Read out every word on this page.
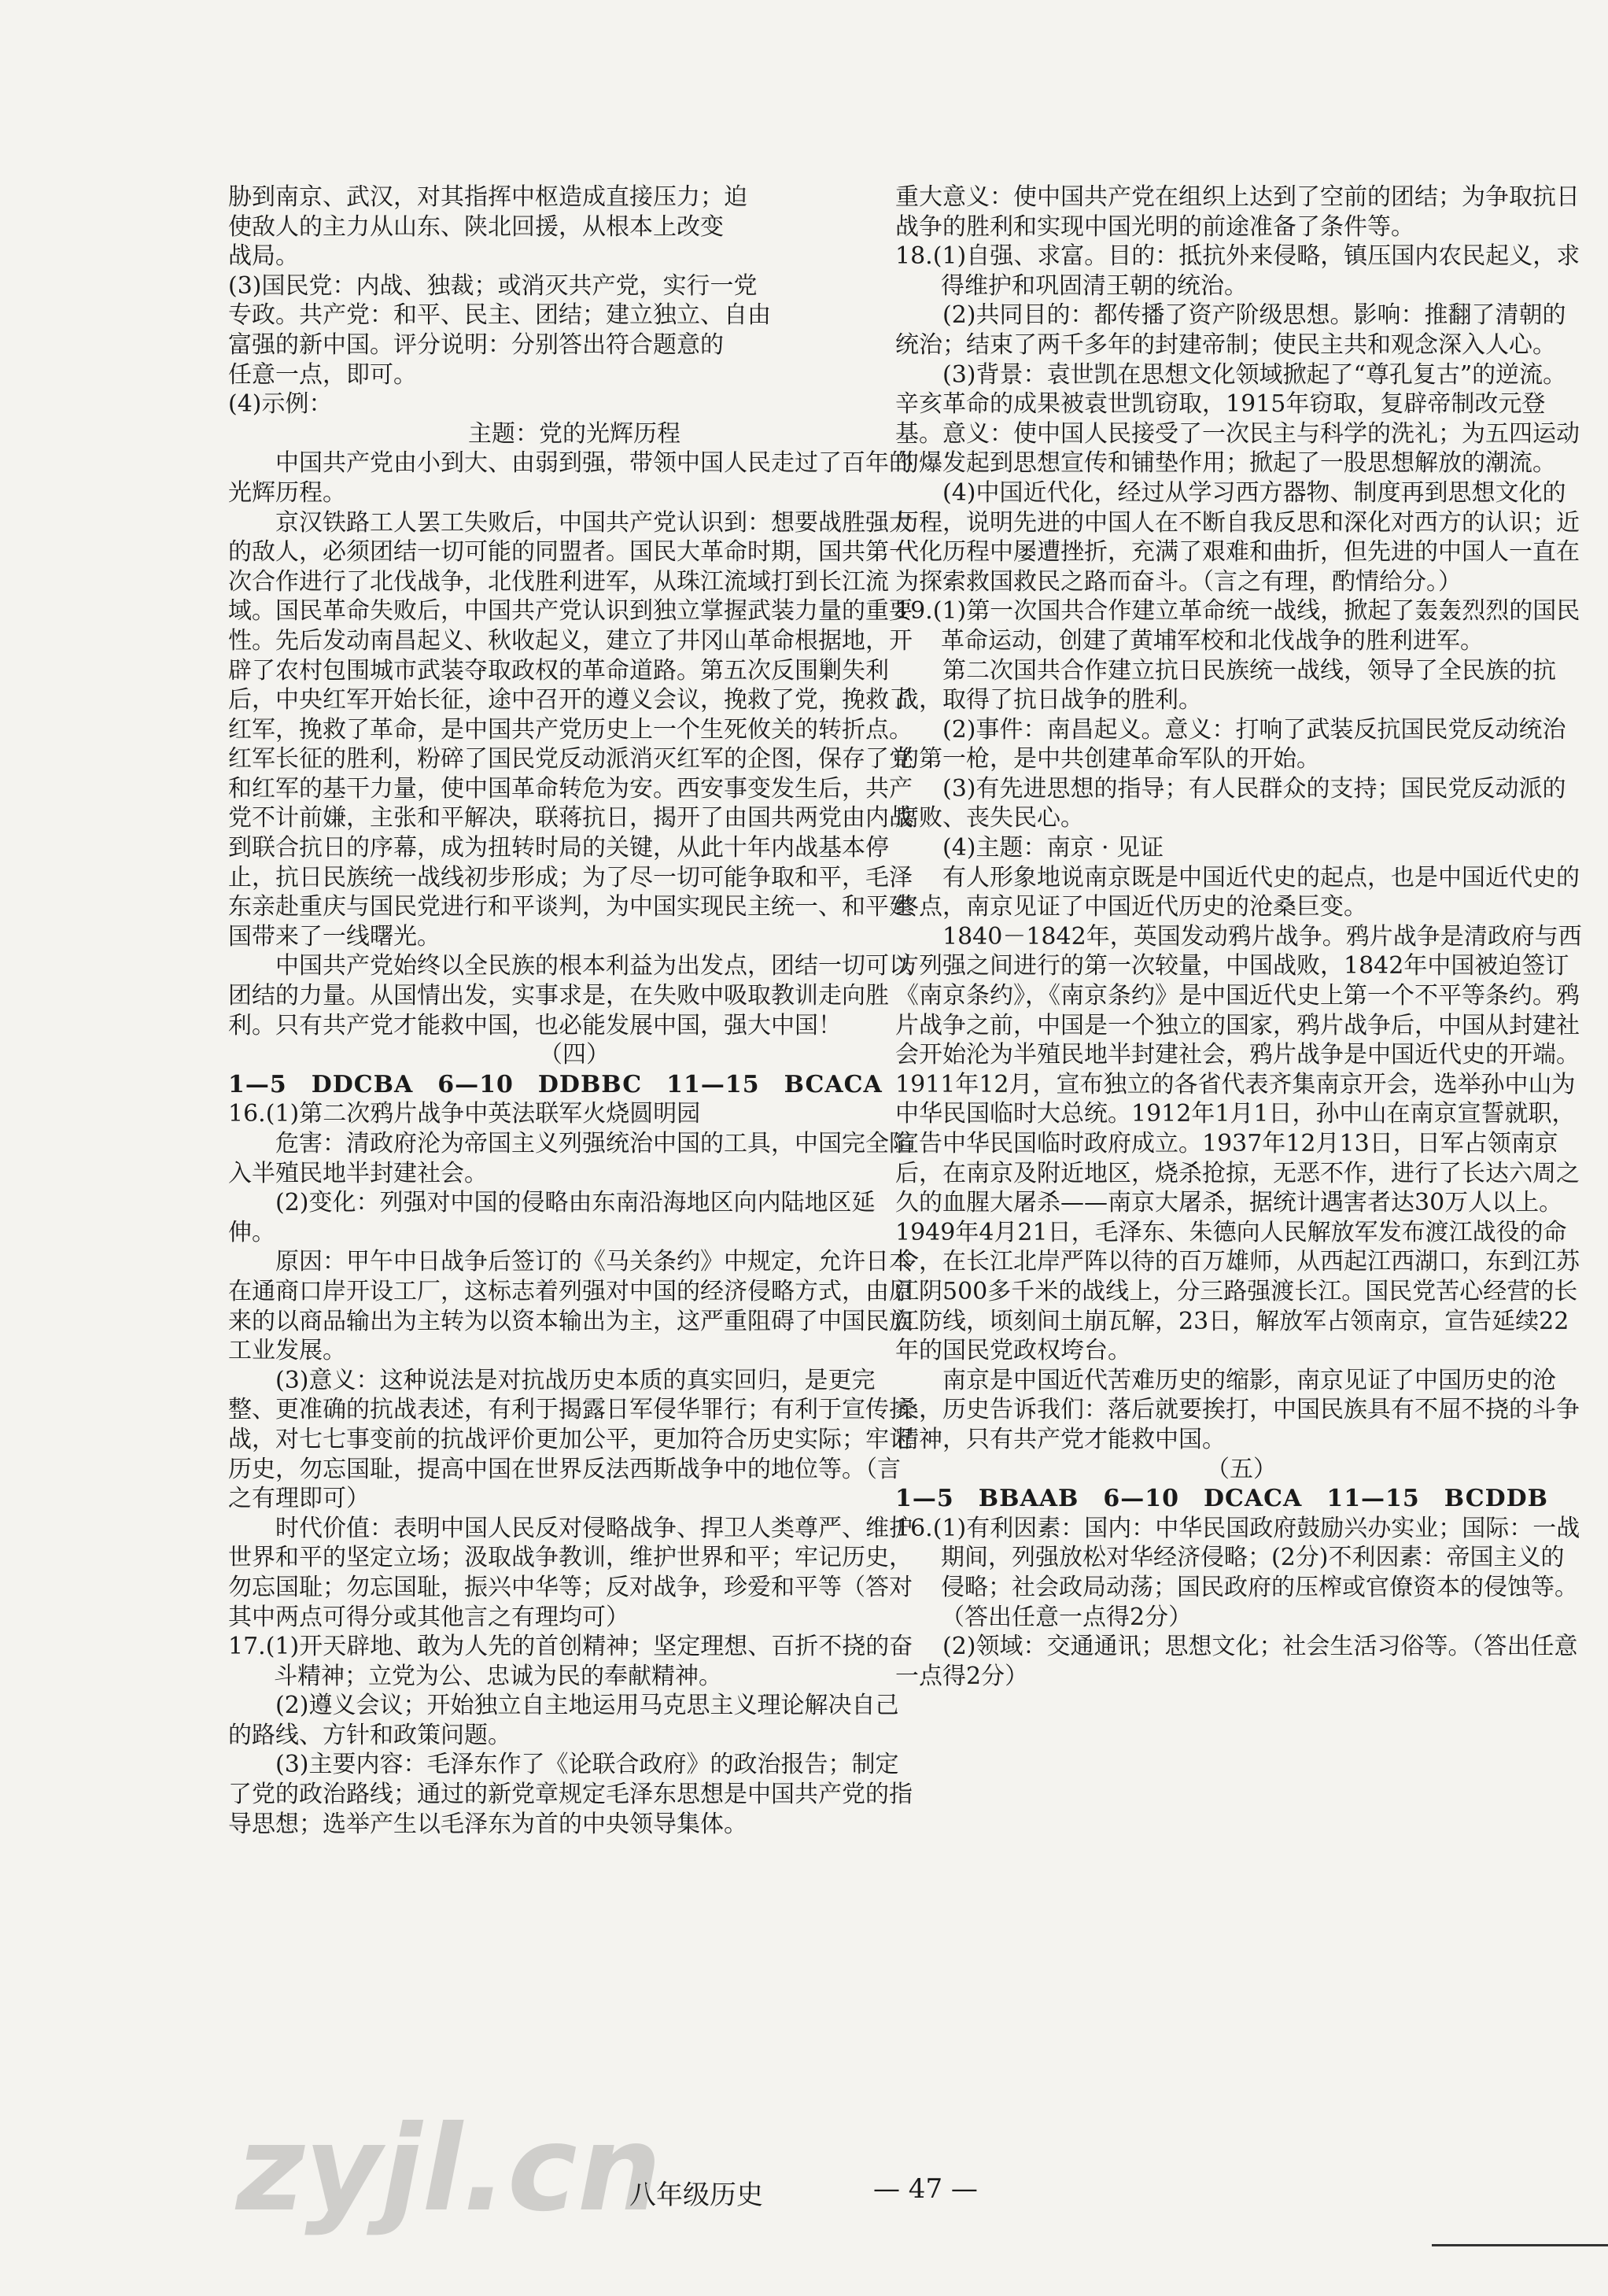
胁到南京、武汉，对其指挥中枢造成直接压力；迫

使敌人的主力从山东、陕北回援，从根本上改变

战局。

(3)国民党：内战、独裁；或消灭共产党，实行一党

专政。共产党：和平、民主、团结；建立独立、自由

富强的新中国。评分说明：分别答出符合题意的

任意一点，即可。

(4)示例：

主题：党的光辉历程

中国共产党由小到大、由弱到强，带领中国人民走过了百年的光辉历程。

京汉铁路工人罢工失败后，中国共产党认识到：想要战胜强大的敌人，必须团结一切可能的同盟者。国民大革命时期，国共第一次合作进行了北伐战争，北伐胜利进军，从珠江流域打到长江流域。国民革命失败后，中国共产党认识到独立掌握武装力量的重要性。先后发动南昌起义、秋收起义，建立了井冈山革命根据地，开辟了农村包围城市武装夺取政权的革命道路。第五次反围剿失利后，中央红军开始长征，途中召开的遵义会议，挽救了党，挽救了红军，挽救了革命，是中国共产党历史上一个生死攸关的转折点。红军长征的胜利，粉碎了国民党反动派消灭红军的企图，保存了党和红军的基干力量，使中国革命转危为安。西安事变发生后，共产党不计前嫌，主张和平解决，联蒋抗日，揭开了由国共两党由内战到联合抗日的序幕，成为扭转时局的关键，从此十年内战基本停止，抗日民族统一战线初步形成；为了尽一切可能争取和平，毛泽东亲赴重庆与国民党进行和平谈判，为中国实现民主统一、和平建国带来了一线曙光。

中国共产党始终以全民族的根本利益为出发点，团结一切可以团结的力量。从国情出发，实事求是，在失败中吸取教训走向胜利。只有共产党才能救中国，也必能发展中国，强大中国！

（四）

1—5　DDCBA　6—10　DDBBC　11—15　BCACA

16.(1)第二次鸦片战争中英法联军火烧圆明园

　　危害：清政府沦为帝国主义列强统治中国的工具，中国完全陷入半殖民地半封建社会。

　　(2)变化：列强对中国的侵略由东南沿海地区向内陆地区延伸。

　　原因：甲午中日战争后签订的《马关条约》中规定，允许日本在通商口岸开设工厂，这标志着列强对中国的经济侵略方式，由原来的以商品输出为主转为以资本输出为主，这严重阻碍了中国民族工业发展。

　　(3)意义：这种说法是对抗战历史本质的真实回归，是更完整、更准确的抗战表述，有利于揭露日军侵华罪行；有利于宣传抗战，对七七事变前的抗战评价更加公平，更加符合历史实际；牢记历史，勿忘国耻，提高中国在世界反法西斯战争中的地位等。（言之有理即可）

　　时代价值：表明中国人民反对侵略战争、捍卫人类尊严、维护世界和平的坚定立场；汲取战争教训，维护世界和平；牢记历史，勿忘国耻；勿忘国耻，振兴中华等；反对战争，珍爱和平等（答对其中两点可得分或其他言之有理均可）

17.(1)开天辟地、敢为人先的首创精神；坚定理想、百折不挠的奋斗精神；立党为公、忠诚为民的奉献精神。

　　(2)遵义会议；开始独立自主地运用马克思主义理论解决自己的路线、方针和政策问题。

　　(3)主要内容：毛泽东作了《论联合政府》的政治报告；制定了党的政治路线；通过的新党章规定毛泽东思想是中国共产党的指导思想；选举产生以毛泽东为首的中央领导集体。

重大意义：使中国共产党在组织上达到了空前的团结；为争取抗日战争的胜利和实现中国光明的前途准备了条件等。

18.(1)自强、求富。目的：抵抗外来侵略，镇压国内农民起义，求得维护和巩固清王朝的统治。

　　(2)共同目的：都传播了资产阶级思想。影响：推翻了清朝的统治；结束了两千多年的封建帝制；使民主共和观念深入人心。

　　(3)背景：袁世凯在思想文化领域掀起了“尊孔复古”的逆流。辛亥革命的成果被袁世凯窃取，1915年窃取，复辟帝制改元登基。意义：使中国人民接受了一次民主与科学的洗礼；为五四运动的爆发起到思想宣传和铺垫作用；掀起了一股思想解放的潮流。

　　(4)中国近代化，经过从学习西方器物、制度再到思想文化的历程，说明先进的中国人在不断自我反思和深化对西方的认识；近代化历程中屡遭挫折，充满了艰难和曲折，但先进的中国人一直在为探索救国救民之路而奋斗。（言之有理，酌情给分。）

19.(1)第一次国共合作建立革命统一战线，掀起了轰轰烈烈的国民革命运动，创建了黄埔军校和北伐战争的胜利进军。

　　第二次国共合作建立抗日民族统一战线，领导了全民族的抗战，取得了抗日战争的胜利。

　　(2)事件：南昌起义。意义：打响了武装反抗国民党反动统治的第一枪，是中共创建革命军队的开始。

　　(3)有先进思想的指导；有人民群众的支持；国民党反动派的腐败、丧失民心。

　　(4)主题：南京 · 见证

有人形象地说南京既是中国近代史的起点，也是中国近代史的终点，南京见证了中国近代历史的沧桑巨变。

1840－1842年，英国发动鸦片战争。鸦片战争是清政府与西方列强之间进行的第一次较量，中国战败，1842年中国被迫签订《南京条约》，《南京条约》是中国近代史上第一个不平等条约。鸦片战争之前，中国是一个独立的国家，鸦片战争后，中国从封建社会开始沦为半殖民地半封建社会，鸦片战争是中国近代史的开端。1911年12月，宣布独立的各省代表齐集南京开会，选举孙中山为中华民国临时大总统。1912年1月1日，孙中山在南京宣誓就职，宣告中华民国临时政府成立。1937年12月13日，日军占领南京后，在南京及附近地区，烧杀抢掠，无恶不作，进行了长达六周之久的血腥大屠杀——南京大屠杀，据统计遇害者达30万人以上。1949年4月21日，毛泽东、朱德向人民解放军发布渡江战役的命令，在长江北岸严阵以待的百万雄师，从西起江西湖口，东到江苏江阴500多千米的战线上，分三路强渡长江。国民党苦心经营的长江防线，顷刻间土崩瓦解，23日，解放军占领南京，宣告延续22年的国民党政权垮台。

南京是中国近代苦难历史的缩影，南京见证了中国历史的沧桑，历史告诉我们：落后就要挨打，中国民族具有不屈不挠的斗争精神，只有共产党才能救中国。

（五）

1—5　BBAAB　6—10　DCACA　11—15　BCDDB

16.(1)有利因素：国内：中华民国政府鼓励兴办实业；国际：一战期间，列强放松对华经济侵略；(2分)不利因素：帝国主义的侵略；社会政局动荡；国民政府的压榨或官僚资本的侵蚀等。（答出任意一点得2分）

　　(2)领域：交通通讯；思想文化；社会生活习俗等。（答出任意一点得2分）

zyjl.cn
八年级历史	— 47 —
